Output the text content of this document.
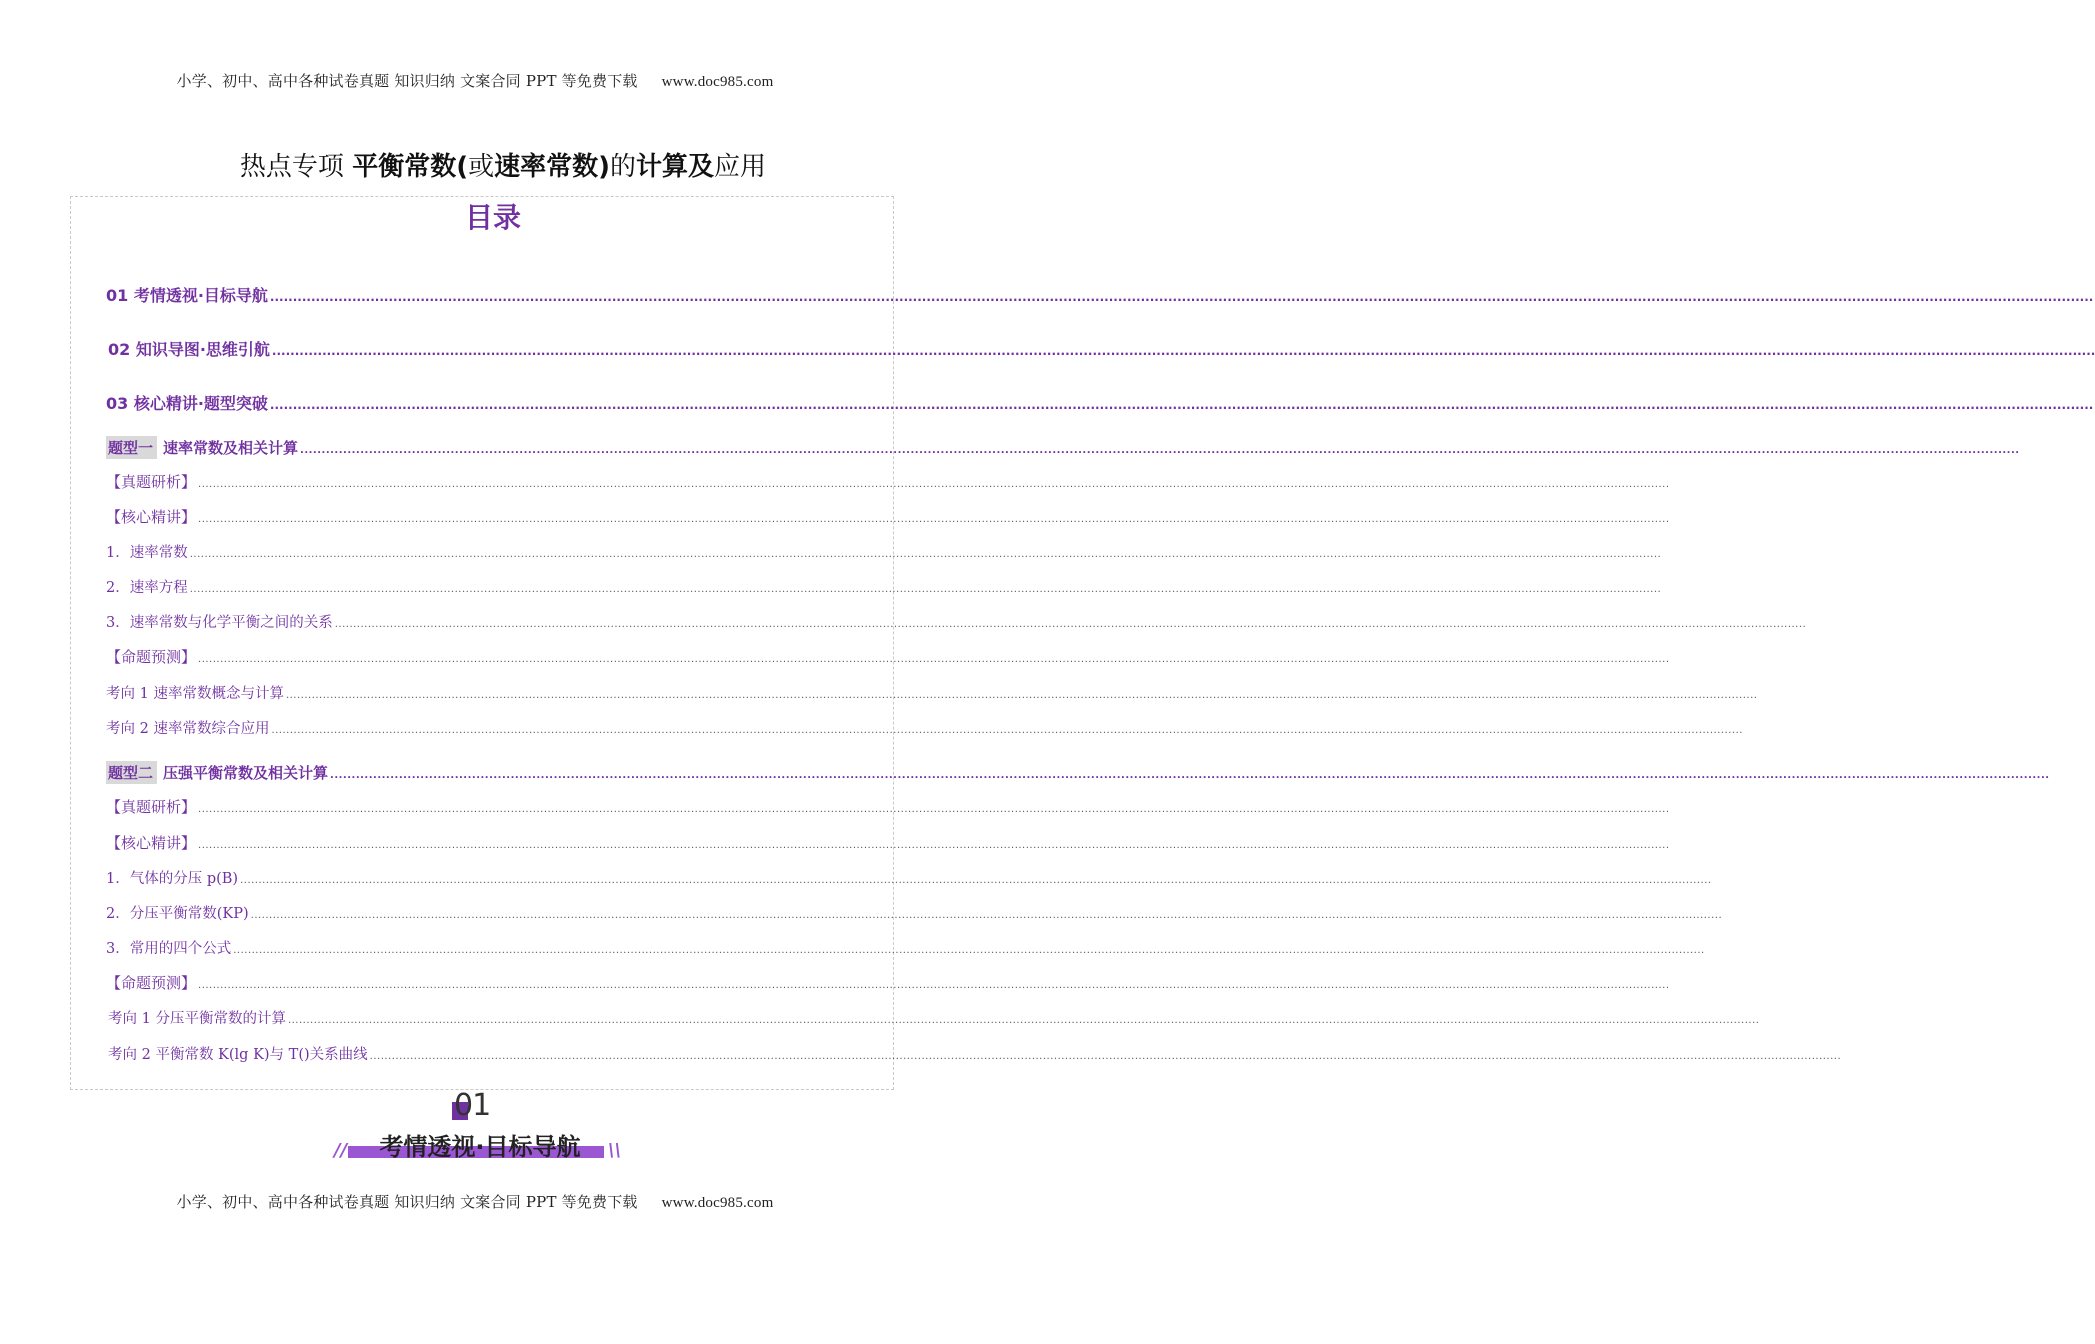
小学、初中、高中各种试卷真题 知识归纳 文案合同 PPT 等免费下载 www.doc985.com
热点专项 平衡常数(或速率常数)的计算及应用
目录
01 考情透视·目标导航 ................................................................................................................................................................................................................................................................................................................................................................................................................
02 知识导图·思维引航 ................................................................................................................................................................................................................................................................................................................................................................................................................
03 核心精讲·题型突破 ................................................................................................................................................................................................................................................................................................................................................................................................................
题型一 速率常数及相关计算 ................................................................................................................................................................................................................................................................................................................................................................................................................
【真题研析】 ................................................................................................................................................................................................................................................................................................................................................................................................................
【核心精讲】 ................................................................................................................................................................................................................................................................................................................................................................................................................
1．速率常数 ................................................................................................................................................................................................................................................................................................................................................................................................................
2．速率方程 ................................................................................................................................................................................................................................................................................................................................................................................................................
3．速率常数与化学平衡之间的关系 ................................................................................................................................................................................................................................................................................................................................................................................................................
【命题预测】 ................................................................................................................................................................................................................................................................................................................................................................................................................
考向 1 速率常数概念与计算 ................................................................................................................................................................................................................................................................................................................................................................................................................
考向 2 速率常数综合应用 ................................................................................................................................................................................................................................................................................................................................................................................................................
题型二 压强平衡常数及相关计算 ................................................................................................................................................................................................................................................................................................................................................................................................................
【真题研析】 ................................................................................................................................................................................................................................................................................................................................................................................................................
【核心精讲】 ................................................................................................................................................................................................................................................................................................................................................................................................................
1．气体的分压 p(B) ................................................................................................................................................................................................................................................................................................................................................................................................................
2．分压平衡常数(KP) ................................................................................................................................................................................................................................................................................................................................................................................................................
3．常用的四个公式 ................................................................................................................................................................................................................................................................................................................................................................................................................
【命题预测】 ................................................................................................................................................................................................................................................................................................................................................................................................................
考向 1 分压平衡常数的计算 ................................................................................................................................................................................................................................................................................................................................................................................................................
考向 2 平衡常数 K(lg K)与 T()关系曲线 ................................................................................................................................................................................................................................................................................................................................................................................................................
01
//	考情透视·目标导航	\\
小学、初中、高中各种试卷真题 知识归纳 文案合同 PPT 等免费下载 www.doc985.com
